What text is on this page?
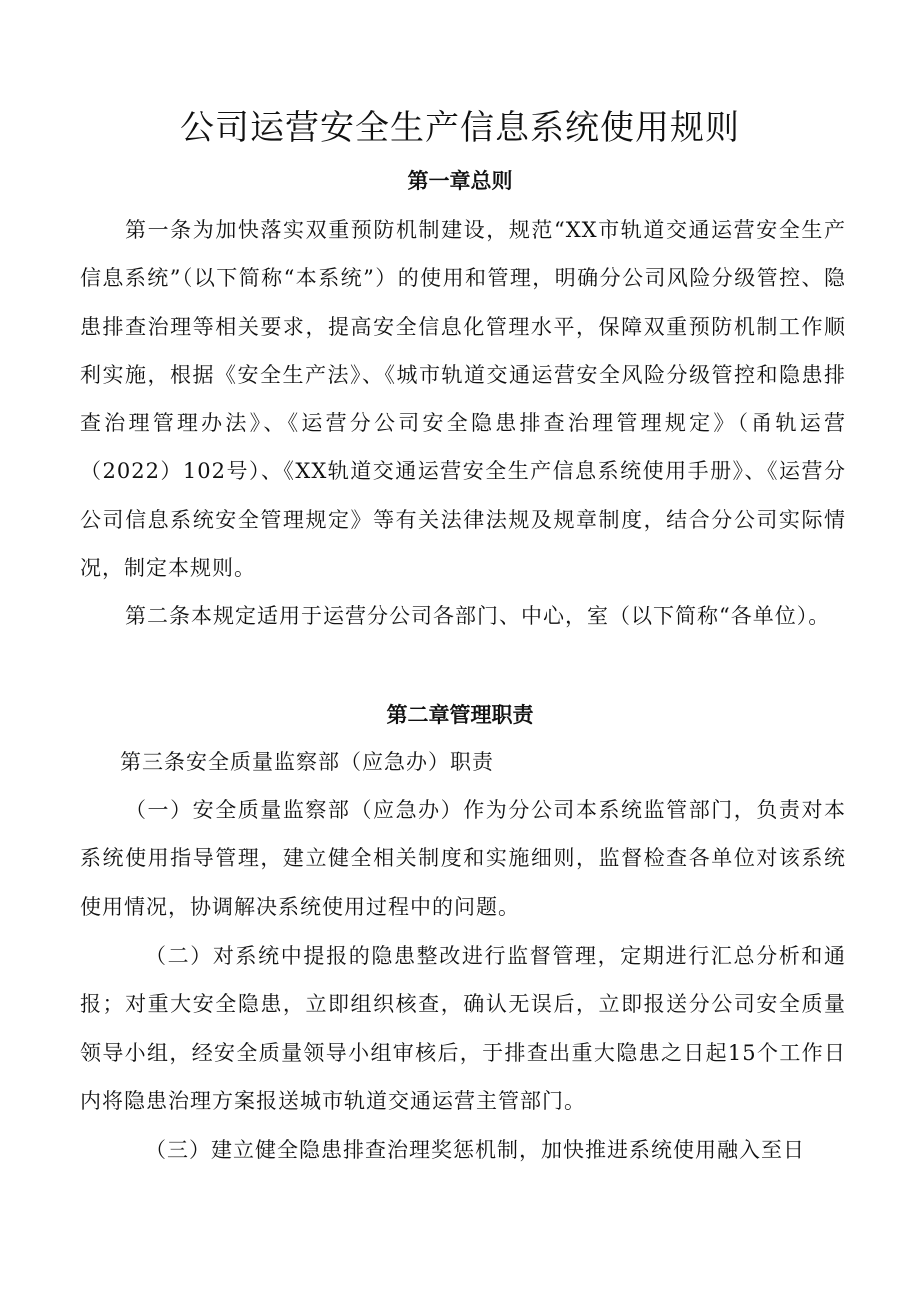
公司运营安全生产信息系统使用规则
第一章总则

第一条为加快落实双重预防机制建设，规范“XX市轨道交通运营安全生产信息系统”（以下简称“本系统”）的使用和管理，明确分公司风险分级管控、隐患排查治理等相关要求，提高安全信息化管理水平，保障双重预防机制工作顺利实施，根据《安全生产法》、《城市轨道交通运营安全风险分级管控和隐患排查治理管理办法》、《运营分公司安全隐患排查治理管理规定》（甬轨运营（2022）102号）、《XX轨道交通运营安全生产信息系统使用手册》、《运营分公司信息系统安全管理规定》等有关法律法规及规章制度，结合分公司实际情况，制定本规则。

第二条本规定适用于运营分公司各部门、中心，室（以下简称“各单位）。

第二章管理职责

第三条安全质量监察部（应急办）职责

（一）安全质量监察部（应急办）作为分公司本系统监管部门，负责对本系统使用指导管理，建立健全相关制度和实施细则，监督检查各单位对该系统使用情况，协调解决系统使用过程中的问题。

（二）对系统中提报的隐患整改进行监督管理，定期进行汇总分析和通报；对重大安全隐患，立即组织核查，确认无误后，立即报送分公司安全质量领导小组，经安全质量领导小组审核后，于排查出重大隐患之日起15个工作日内将隐患治理方案报送城市轨道交通运营主管部门。

（三）建立健全隐患排查治理奖惩机制，加快推进系统使用融入至日
